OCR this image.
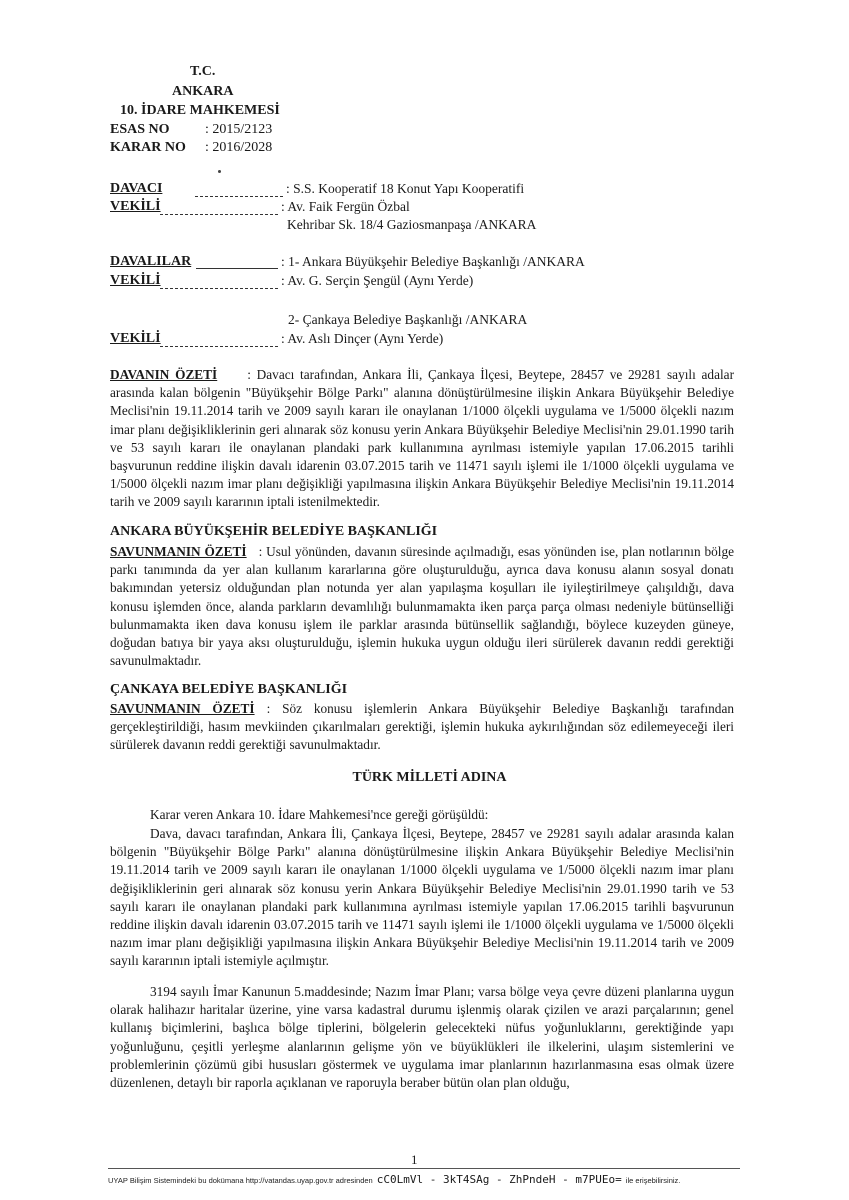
T.C.
ANKARA
10. İDARE MAHKEMESİ
ESAS NO	: 2015/2123
KARAR NO : 2016/2028
DAVACI	: S.S. Kooperatif 18 Konut Yapı Kooperatifi
VEKİLİ	: Av. Faik Fergün Özbal
Kehribar Sk. 18/4 Gaziosmanpaşa /ANKARA
DAVALILAR	: 1- Ankara Büyükşehir Belediye Başkanlığı /ANKARA
VEKİLİ	: Av. G. Serçin Şengül (Aynı Yerde)
2- Çankaya Belediye Başkanlığı /ANKARA
VEKİLİ	: Av. Aslı Dinçer (Aynı Yerde)
DAVANIN ÖZETİ : Davacı tarafından, Ankara İli, Çankaya İlçesi, Beytepe, 28457 ve 29281 sayılı adalar arasında kalan bölgenin "Büyükşehir Bölge Parkı" alanına dönüştürülmesine ilişkin Ankara Büyükşehir Belediye Meclisi'nin 19.11.2014 tarih ve 2009 sayılı kararı ile onaylanan 1/1000 ölçekli uygulama ve 1/5000 ölçekli nazım imar planı değişikliklerinin geri alınarak söz konusu yerin Ankara Büyükşehir Belediye Meclisi'nin 29.01.1990 tarih ve 53 sayılı kararı ile onaylanan plandaki park kullanımına ayrılması istemiyle yapılan 17.06.2015 tarihli başvurunun reddine ilişkin davalı idarenin 03.07.2015 tarih ve 11471 sayılı işlemi ile 1/1000 ölçekli uygulama ve 1/5000 ölçekli nazım imar planı değişikliği yapılmasına ilişkin Ankara Büyükşehir Belediye Meclisi'nin 19.11.2014 tarih ve 2009 sayılı kararının iptali istenilmektedir.
ANKARA BÜYÜKŞEHİR BELEDİYE BAŞKANLIĞI
SAVUNMANIN ÖZETİ : Usul yönünden, davanın süresinde açılmadığı, esas yönünden ise, plan notlarının bölge parkı tanımında da yer alan kullanım kararlarına göre oluşturulduğu, ayrıca dava konusu alanın sosyal donatı bakımından yetersiz olduğundan plan notunda yer alan yapılaşma koşulları ile iyileştirilmeye çalışıldığı, dava konusu işlemden önce, alanda parkların devamlılığı bulunmamakta iken parça parça olması nedeniyle bütünselliği bulunmamakta iken dava konusu işlem ile parklar arasında bütünsellik sağlandığı, böylece kuzeyden güneye, doğudan batıya bir yaya aksı oluşturulduğu, işlemin hukuka uygun olduğu ileri sürülerek davanın reddi gerektiği savunulmaktadır.
ÇANKAYA BELEDİYE BAŞKANLIĞI
SAVUNMANIN ÖZETİ : Söz konusu işlemlerin Ankara Büyükşehir Belediye Başkanlığı tarafından gerçekleştirildiği, hasım mevkiinden çıkarılmaları gerektiği, işlemin hukuka aykırılığından söz edilemeyeceği ileri sürülerek davanın reddi gerektiği savunulmaktadır.
TÜRK MİLLETİ ADINA
Karar veren Ankara 10. İdare Mahkemesi'nce gereği görüşüldü:
Dava, davacı tarafından, Ankara İli, Çankaya İlçesi, Beytepe, 28457 ve 29281 sayılı adalar arasında kalan bölgenin "Büyükşehir Bölge Parkı" alanına dönüştürülmesine ilişkin Ankara Büyükşehir Belediye Meclisi'nin 19.11.2014 tarih ve 2009 sayılı kararı ile onaylanan 1/1000 ölçekli uygulama ve 1/5000 ölçekli nazım imar planı değişikliklerinin geri alınarak söz konusu yerin Ankara Büyükşehir Belediye Meclisi'nin 29.01.1990 tarih ve 53 sayılı kararı ile onaylanan plandaki park kullanımına ayrılması istemiyle yapılan 17.06.2015 tarihli başvurunun reddine ilişkin davalı idarenin 03.07.2015 tarih ve 11471 sayılı işlemi ile 1/1000 ölçekli uygulama ve 1/5000 ölçekli nazım imar planı değişikliği yapılmasına ilişkin Ankara Büyükşehir Belediye Meclisi'nin 19.11.2014 tarih ve 2009 sayılı kararının iptali istemiyle açılmıştır.
3194 sayılı İmar Kanunun 5.maddesinde; Nazım İmar Planı; varsa bölge veya çevre düzeni planlarına uygun olarak halihazır haritalar üzerine, yine varsa kadastral durumu işlenmiş olarak çizilen ve arazi parçalarının; genel kullanış biçimlerini, başlıca bölge tiplerini, bölgelerin gelecekteki nüfus yoğunluklarını, gerektiğinde yapı yoğunluğunu, çeşitli yerleşme alanlarının gelişme yön ve büyüklükleri ile ilkelerini, ulaşım sistemlerini ve problemlerinin çözümü gibi hususları göstermek ve uygulama imar planlarının hazırlanmasına esas olmak üzere düzenlenen, detaylı bir raporla açıklanan ve raporuyla beraber bütün olan plan olduğu,
1
UYAP Bilişim Sistemindeki bu dokümana http://vatandas.uyap.gov.tr adresinden cC0LmVl - 3kT4SAg - ZhPndeH - m7PUEo= ile erişebilirsiniz.
